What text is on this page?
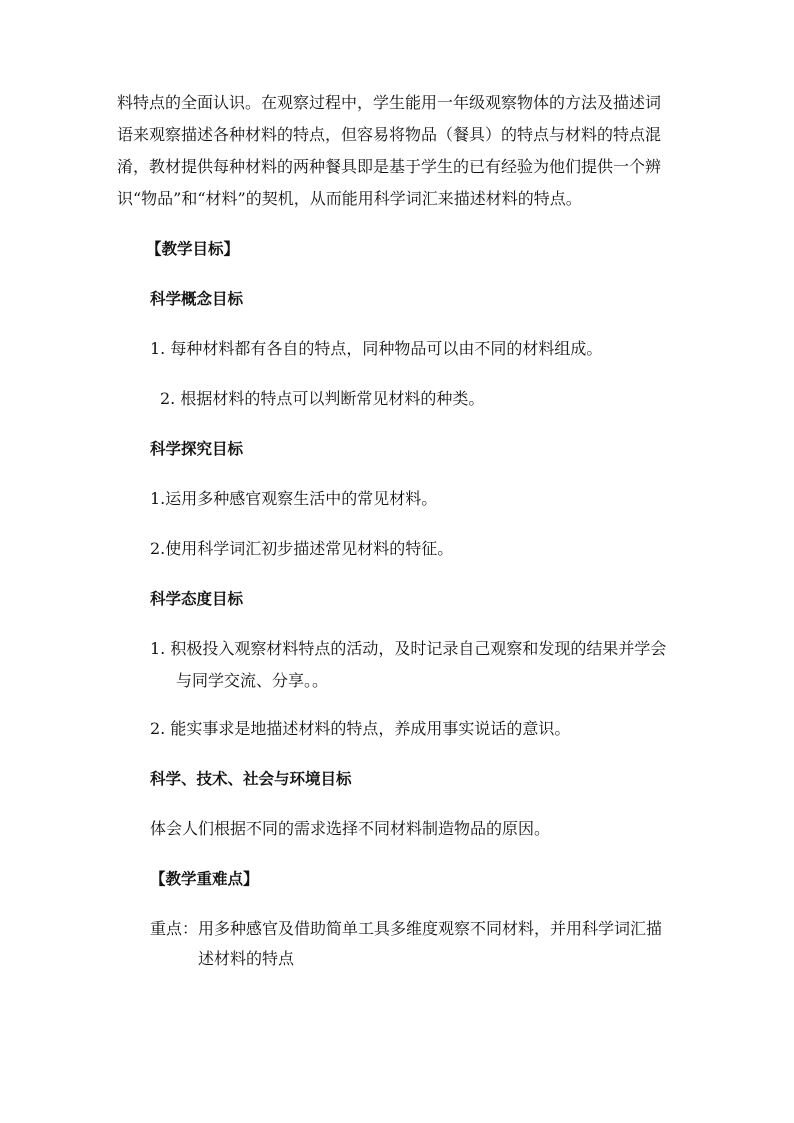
料特点的全面认识。在观察过程中，学生能用一年级观察物体的方法及描述词
语来观察描述各种材料的特点，但容易将物品（餐具）的特点与材料的特点混
淆，教材提供每种材料的两种餐具即是基于学生的已有经验为他们提供一个辨
识“物品”和“材料”的契机，从而能用科学词汇来描述材料的特点。
【教学目标】
科学概念目标
1. 每种材料都有各自的特点，同种物品可以由不同的材料组成。
2. 根据材料的特点可以判断常见材料的种类。
科学探究目标
1.运用多种感官观察生活中的常见材料。
2.使用科学词汇初步描述常见材料的特征。
科学态度目标
1. 积极投入观察材料特点的活动，及时记录自己观察和发现的结果并学会
与同学交流、分享。。
2. 能实事求是地描述材料的特点，养成用事实说话的意识。
科学、技术、社会与环境目标
体会人们根据不同的需求选择不同材料制造物品的原因。
【教学重难点】
重点：用多种感官及借助简单工具多维度观察不同材料，并用科学词汇描
述材料的特点
